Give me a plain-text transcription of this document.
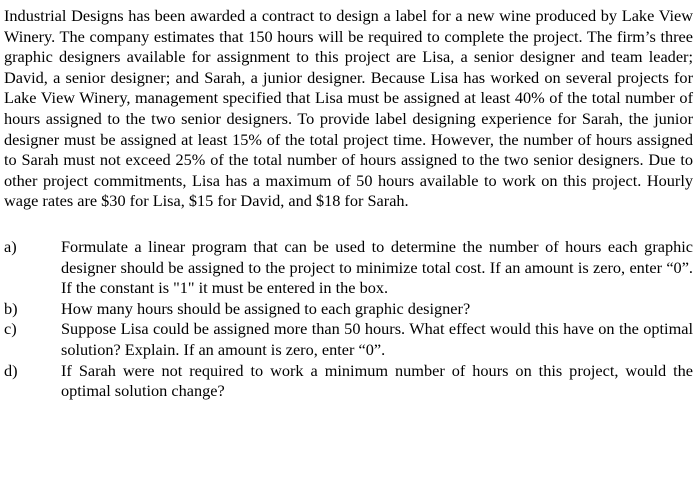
Industrial Designs has been awarded a contract to design a label for a new wine produced by Lake View Winery. The company estimates that 150 hours will be required to complete the project. The firm’s three graphic designers available for assignment to this project are Lisa, a senior designer and team leader; David, a senior designer; and Sarah, a junior designer. Because Lisa has worked on several projects for Lake View Winery, management specified that Lisa must be assigned at least 40% of the total number of hours assigned to the two senior designers. To provide label designing experience for Sarah, the junior designer must be assigned at least 15% of the total project time. However, the number of hours assigned to Sarah must not exceed 25% of the total number of hours assigned to the two senior designers. Due to other project commitments, Lisa has a maximum of 50 hours available to work on this project. Hourly wage rates are $30 for Lisa, $15 for David, and $18 for Sarah.

a)	Formulate a linear program that can be used to determine the number of hours each graphic designer should be assigned to the project to minimize total cost. If an amount is zero, enter “0”. If the constant is "1" it must be entered in the box.
b)	How many hours should be assigned to each graphic designer?
c)	Suppose Lisa could be assigned more than 50 hours. What effect would this have on the optimal solution? Explain. If an amount is zero, enter “0”.
d)	If Sarah were not required to work a minimum number of hours on this project, would the optimal solution change?
